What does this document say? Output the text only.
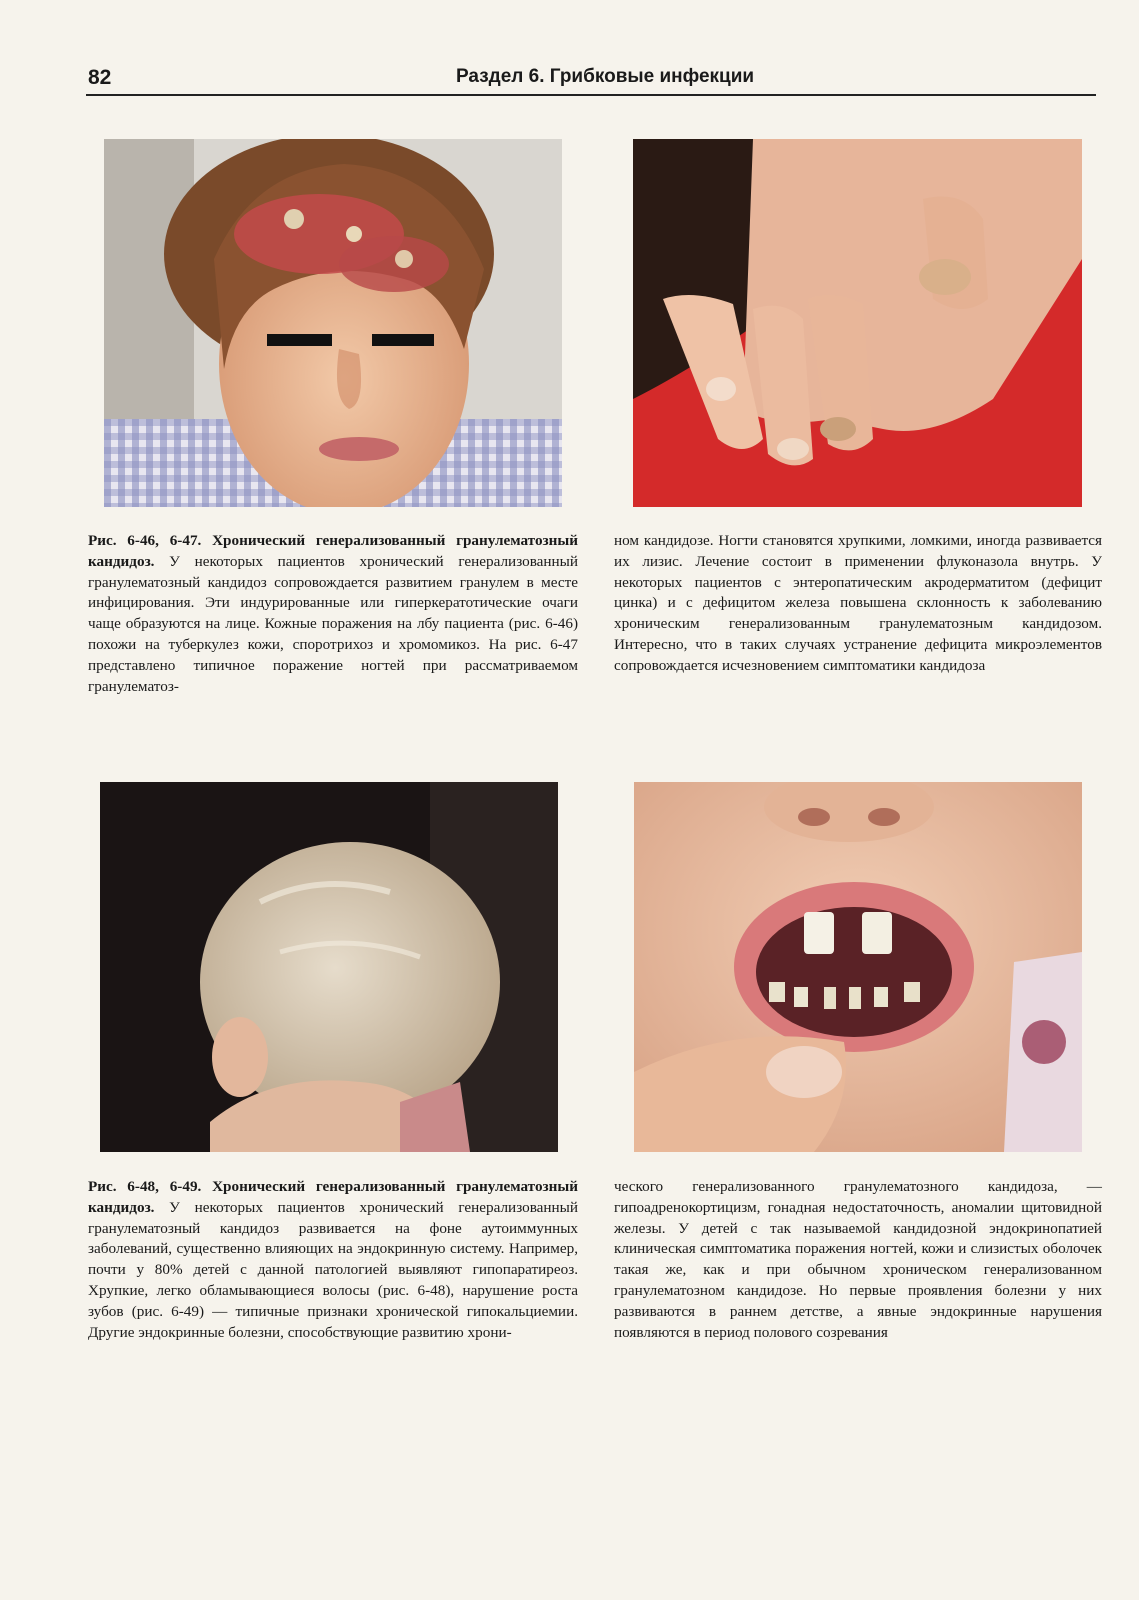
82	Раздел 6. Грибковые инфекции

Рис. 6-46, 6-47. Хронический генерализованный гранулематозный кандидоз. У некоторых пациентов хронический генерализованный гранулематозный кандидоз сопровождается развитием гранулем в месте инфицирования. Эти индурированные или гиперкератотические очаги чаще образуются на лице. Кожные поражения на лбу пациента (рис. 6-46) похожи на туберкулез кожи, споротрихоз и хромомикоз. На рис. 6-47 представлено типичное поражение ногтей при рассматриваемом гранулематоз-

ном кандидозе. Ногти становятся хрупкими, ломкими, иногда развивается их лизис. Лечение состоит в применении флуконазола внутрь. У некоторых пациентов с энтеропатическим акродерматитом (дефицит цинка) и с дефицитом железа повышена склонность к заболеванию хроническим генерализованным гранулематозным кандидозом. Интересно, что в таких случаях устранение дефицита микроэлементов сопровождается исчезновением симптоматики кандидоза

Рис. 6-48, 6-49. Хронический генерализованный гранулематозный кандидоз. У некоторых пациентов хронический генерализованный гранулематозный кандидоз развивается на фоне аутоиммунных заболеваний, существенно влияющих на эндокринную систему. Например, почти у 80% детей с данной патологией выявляют гипопаратиреоз. Хрупкие, легко обламывающиеся волосы (рис. 6-48), нарушение роста зубов (рис. 6-49) — типичные признаки хронической гипокальциемии. Другие эндокринные болезни, способствующие развитию хрони-

ческого генерализованного гранулематозного кандидоза, — гипоадренокортицизм, гонадная недостаточность, аномалии щитовидной железы. У детей с так называемой кандидозной эндокринопатией клиническая симптоматика поражения ногтей, кожи и слизистых оболочек такая же, как и при обычном хроническом генерализованном гранулематозном кандидозе. Но первые проявления болезни у них развиваются в раннем детстве, а явные эндокринные нарушения появляются в период полового созревания
